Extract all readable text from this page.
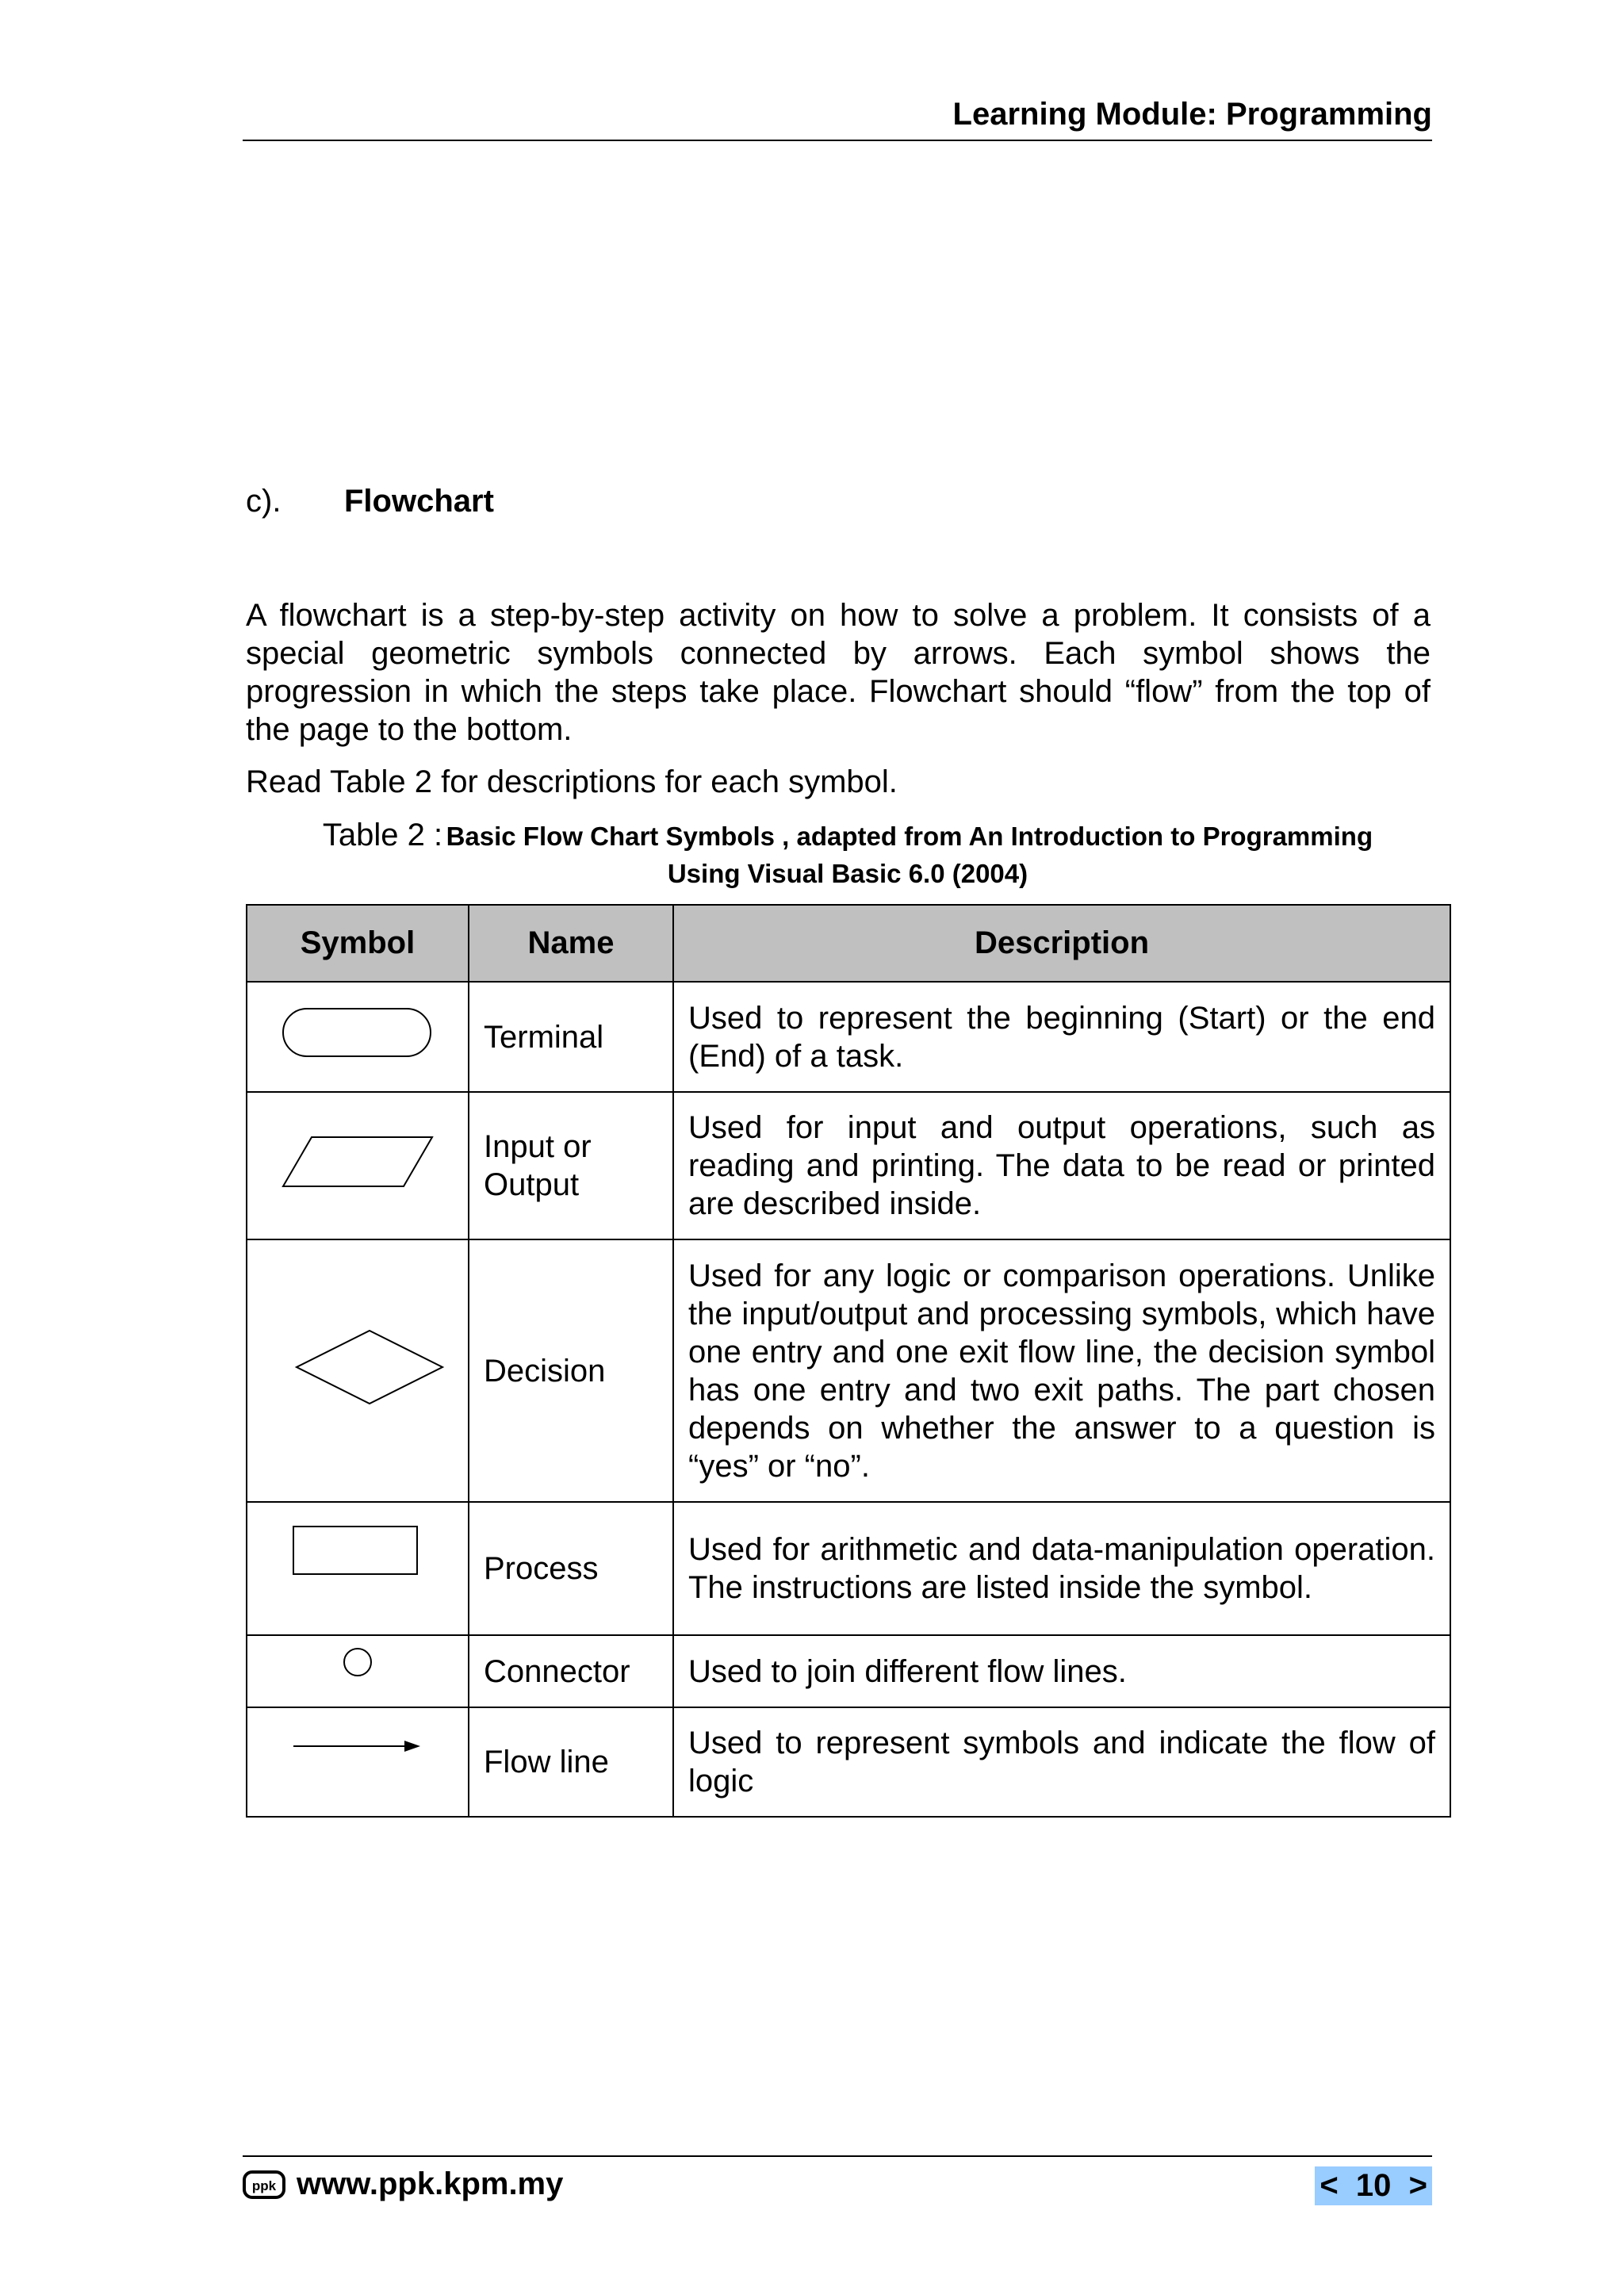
Learning Module: Programming
c). Flowchart
A flowchart is a step-by-step activity on how to solve a problem. It consists of a special geometric symbols connected by arrows. Each symbol shows the progression in which the steps take place. Flowchart should “flow” from the top of the page to the bottom.
Read Table 2 for descriptions for each symbol.
Table 2 : Basic Flow Chart Symbols , adapted from An Introduction to Programming
Using Visual Basic 6.0 (2004)
Symbol	Name	Description
	Terminal	Used to represent the beginning (Start) or the end (End) of a task.
	Input or Output	Used for input and output operations, such as reading and printing. The data to be read or printed are described inside.
	Decision	Used for any logic or comparison operations. Unlike the input/output and processing symbols, which have one entry and one exit flow line, the decision symbol has one entry and two exit paths. The part chosen depends on whether the answer to a question is “yes” or “no”.
	Process	Used for arithmetic and data-manipulation operation. The instructions are listed inside the symbol.
	Connector	Used to join different flow lines.
	Flow line	Used to represent symbols and indicate the flow of logic
ppk www.ppk.kpm.my	<  10  >
